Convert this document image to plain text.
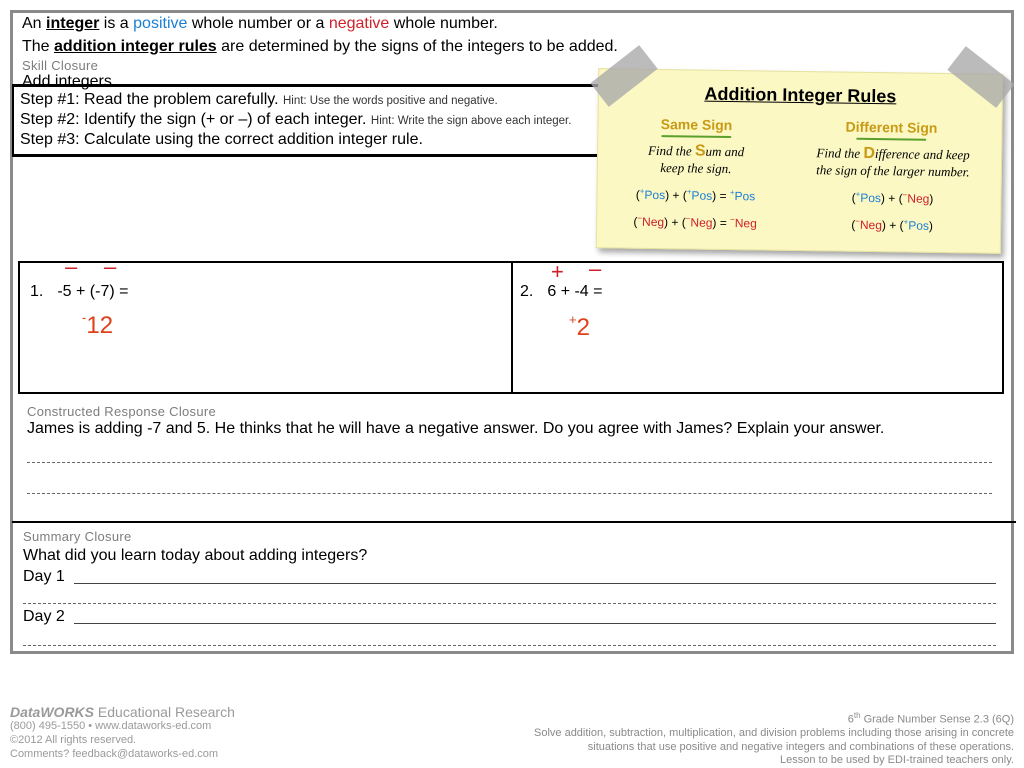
An integer is a positive whole number or a negative whole number.
The addition integer rules are determined by the signs of the integers to be added.
Skill Closure
Add integers.
Step #1: Read the problem carefully. Hint: Use the words positive and negative.
Step #2: Identify the sign (+ or –) of each integer. Hint: Write the sign above each integer.
Step #3: Calculate using the correct addition integer rule.
Addition Integer Rules
Same Sign
Find the Sum and
keep the sign.
(+Pos) + (+Pos) = +Pos
(−Neg) + (−Neg) = −Neg
Different Sign
Find the Difference and keep
the sign of the larger number.
(+Pos) + (−Neg)
(−Neg) + (+Pos)
– –
1. -5 + (-7) =
-12
+ –
2. 6 + -4 =
+2
Constructed Response Closure
James is adding -7 and 5. He thinks that he will have a negative answer. Do you agree with James? Explain your answer.
Summary Closure
What did you learn today about adding integers?
Day 1
Day 2
DataWORKS Educational Research
(800) 495-1550 • www.dataworks-ed.com
©2012 All rights reserved.
Comments? feedback@dataworks-ed.com
6th Grade Number Sense 2.3 (6Q)
Solve addition, subtraction, multiplication, and division problems including those arising in concrete
situations that use positive and negative integers and combinations of these operations.
Lesson to be used by EDI-trained teachers only.
